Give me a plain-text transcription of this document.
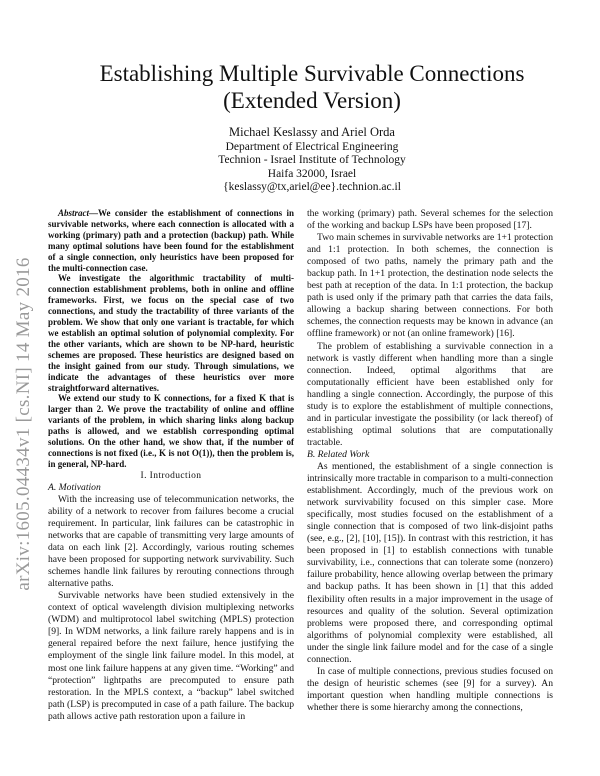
arXiv:1605.04434v1 [cs.NI] 14 May 2016
Establishing Multiple Survivable Connections
(Extended Version)
Michael Keslassy and Ariel Orda
Department of Electrical Engineering
Technion - Israel Institute of Technology
Haifa 32000, Israel
{keslassy@tx,ariel@ee}.technion.ac.il

Abstract—We consider the establishment of connections in survivable networks, where each connection is allocated with a working (primary) path and a protection (backup) path. While many optimal solutions have been found for the establishment of a single connection, only heuristics have been proposed for the multi-connection case.

We investigate the algorithmic tractability of multi-connection establishment problems, both in online and offline frameworks. First, we focus on the special case of two connections, and study the tractability of three variants of the problem. We show that only one variant is tractable, for which we establish an optimal solution of polynomial complexity. For the other variants, which are shown to be NP-hard, heuristic schemes are proposed. These heuristics are designed based on the insight gained from our study. Through simulations, we indicate the advantages of these heuristics over more straightforward alternatives.

We extend our study to K connections, for a fixed K that is larger than 2. We prove the tractability of online and offline variants of the problem, in which sharing links along backup paths is allowed, and we establish corresponding optimal solutions. On the other hand, we show that, if the number of connections is not fixed (i.e., K is not O(1)), then the problem is, in general, NP-hard.

I. Introduction

A. Motivation

With the increasing use of telecommunication networks, the ability of a network to recover from failures become a crucial requirement. In particular, link failures can be catastrophic in networks that are capable of transmitting very large amounts of data on each link [2]. Accordingly, various routing schemes have been proposed for supporting network survivability. Such schemes handle link failures by rerouting connections through alternative paths.

Survivable networks have been studied extensively in the context of optical wavelength division multiplexing networks (WDM) and multiprotocol label switching (MPLS) protection [9]. In WDM networks, a link failure rarely happens and is in general repaired before the next failure, hence justifying the employment of the single link failure model. In this model, at most one link failure happens at any given time. “Working” and “protection” lightpaths are precomputed to ensure path restoration. In the MPLS context, a “backup” label switched path (LSP) is precomputed in case of a path failure. The backup path allows active path restoration upon a failure in

the working (primary) path. Several schemes for the selection of the working and backup LSPs have been proposed [17].

Two main schemes in survivable networks are 1+1 protection and 1:1 protection. In both schemes, the connection is composed of two paths, namely the primary path and the backup path. In 1+1 protection, the destination node selects the best path at reception of the data. In 1:1 protection, the backup path is used only if the primary path that carries the data fails, allowing a backup sharing between connections. For both schemes, the connection requests may be known in advance (an offline framework) or not (an online framework) [16].

The problem of establishing a survivable connection in a network is vastly different when handling more than a single connection. Indeed, optimal algorithms that are computationally efficient have been established only for handling a single connection. Accordingly, the purpose of this study is to explore the establishment of multiple connections, and in particular investigate the possibility (or lack thereof) of establishing optimal solutions that are computationally tractable.

B. Related Work

As mentioned, the establishment of a single connection is intrinsically more tractable in comparison to a multi-connection establishment. Accordingly, much of the previous work on network survivability focused on this simpler case. More specifically, most studies focused on the establishment of a single connection that is composed of two link-disjoint paths (see, e.g., [2], [10], [15]). In contrast with this restriction, it has been proposed in [1] to establish connections with tunable survivability, i.e., connections that can tolerate some (nonzero) failure probability, hence allowing overlap between the primary and backup paths. It has been shown in [1] that this added flexibility often results in a major improvement in the usage of resources and quality of the solution. Several optimization problems were proposed there, and corresponding optimal algorithms of polynomial complexity were established, all under the single link failure model and for the case of a single connection.

In case of multiple connections, previous studies focused on the design of heuristic schemes (see [9] for a survey). An important question when handling multiple connections is whether there is some hierarchy among the connections,
